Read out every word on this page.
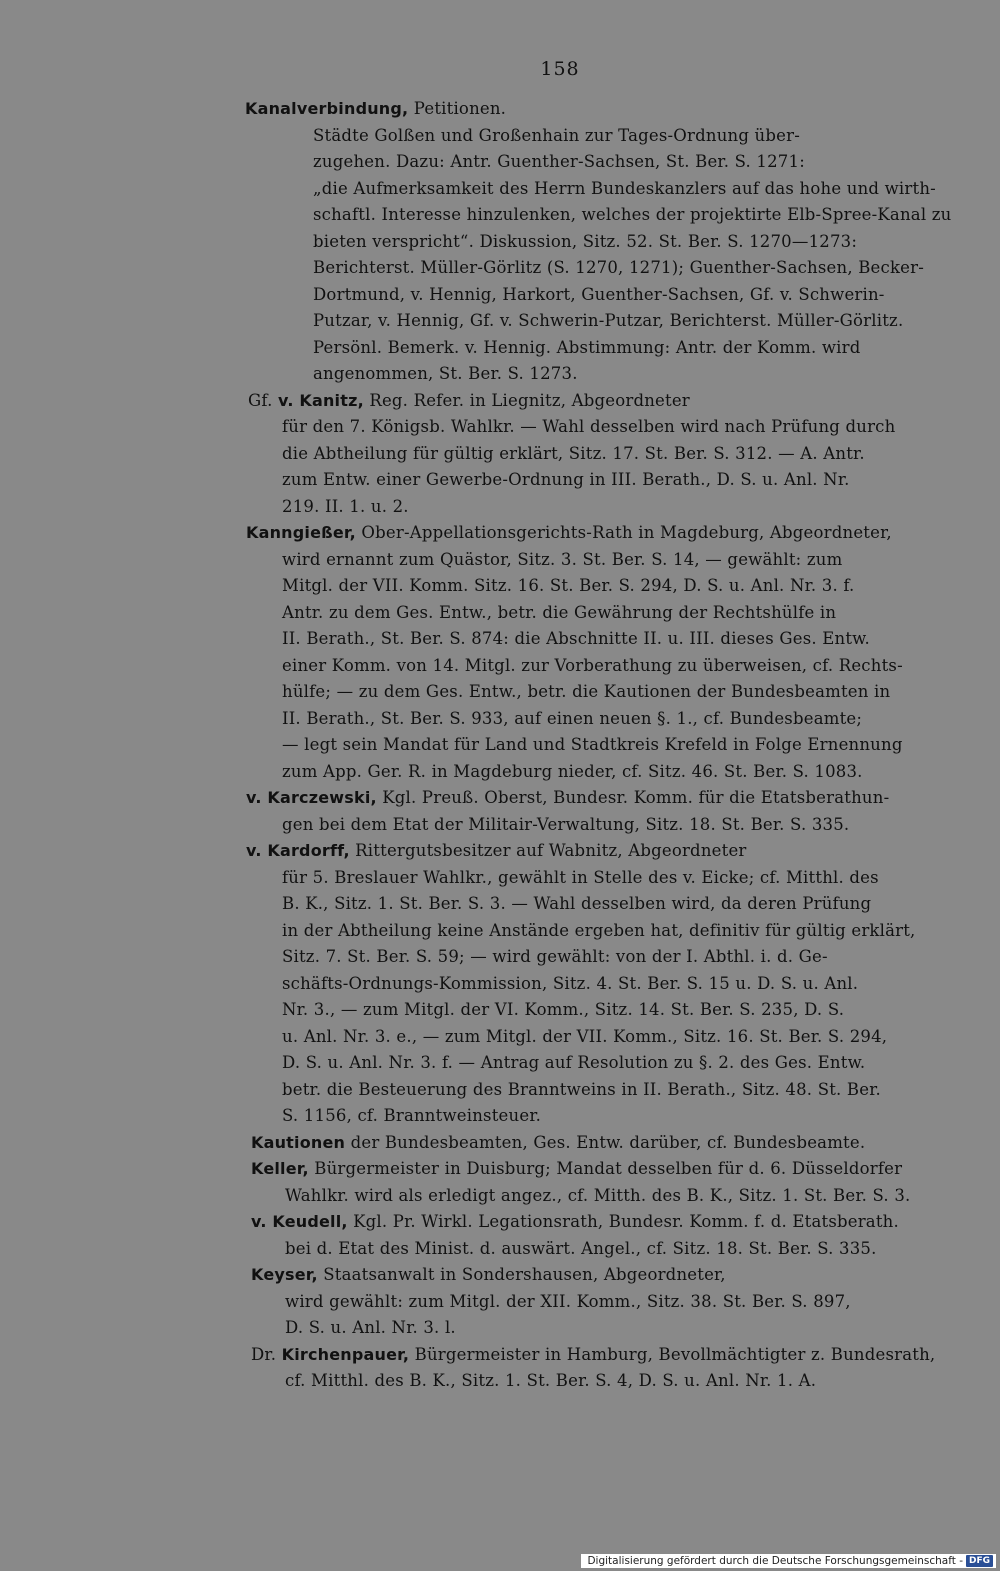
158
Kanalverbindung, Petitionen.
Städte Golßen und Großenhain zur Tages-Ordnung über-
zugehen. Dazu: Antr. Guenther-Sachsen, St. Ber. S. 1271:
„die Aufmerksamkeit des Herrn Bundeskanzlers auf das hohe und wirth-
schaftl. Interesse hinzulenken, welches der projektirte Elb-Spree-Kanal zu
bieten verspricht“. Diskussion, Sitz. 52. St. Ber. S. 1270—1273:
Berichterst. Müller-Görlitz (S. 1270, 1271); Guenther-Sachsen, Becker-
Dortmund, v. Hennig, Harkort, Guenther-Sachsen, Gf. v. Schwerin-
Putzar, v. Hennig, Gf. v. Schwerin-Putzar, Berichterst. Müller-Görlitz.
Persönl. Bemerk. v. Hennig. Abstimmung: Antr. der Komm. wird
angenommen, St. Ber. S. 1273.
Gf. v. Kanitz, Reg. Refer. in Liegnitz, Abgeordneter
für den 7. Königsb. Wahlkr. — Wahl desselben wird nach Prüfung durch
die Abtheilung für gültig erklärt, Sitz. 17. St. Ber. S. 312. — A. Antr.
zum Entw. einer Gewerbe-Ordnung in III. Berath., D. S. u. Anl. Nr.
219. II. 1. u. 2.
Kanngießer, Ober-Appellationsgerichts-Rath in Magdeburg, Abgeordneter,
wird ernannt zum Quästor, Sitz. 3. St. Ber. S. 14, — gewählt: zum
Mitgl. der VII. Komm. Sitz. 16. St. Ber. S. 294, D. S. u. Anl. Nr. 3. f.
Antr. zu dem Ges. Entw., betr. die Gewährung der Rechtshülfe in
II. Berath., St. Ber. S. 874: die Abschnitte II. u. III. dieses Ges. Entw.
einer Komm. von 14. Mitgl. zur Vorberathung zu überweisen, cf. Rechts-
hülfe; — zu dem Ges. Entw., betr. die Kautionen der Bundesbeamten in
II. Berath., St. Ber. S. 933, auf einen neuen §. 1., cf. Bundesbeamte;
— legt sein Mandat für Land und Stadtkreis Krefeld in Folge Ernennung
zum App. Ger. R. in Magdeburg nieder, cf. Sitz. 46. St. Ber. S. 1083.
v. Karczewski, Kgl. Preuß. Oberst, Bundesr. Komm. für die Etatsberathun-
gen bei dem Etat der Militair-Verwaltung, Sitz. 18. St. Ber. S. 335.
v. Kardorff, Rittergutsbesitzer auf Wabnitz, Abgeordneter
für 5. Breslauer Wahlkr., gewählt in Stelle des v. Eicke; cf. Mitthl. des
B. K., Sitz. 1. St. Ber. S. 3. — Wahl desselben wird, da deren Prüfung
in der Abtheilung keine Anstände ergeben hat, definitiv für gültig erklärt,
Sitz. 7. St. Ber. S. 59; — wird gewählt: von der I. Abthl. i. d. Ge-
schäfts-Ordnungs-Kommission, Sitz. 4. St. Ber. S. 15 u. D. S. u. Anl.
Nr. 3., — zum Mitgl. der VI. Komm., Sitz. 14. St. Ber. S. 235, D. S.
u. Anl. Nr. 3. e., — zum Mitgl. der VII. Komm., Sitz. 16. St. Ber. S. 294,
D. S. u. Anl. Nr. 3. f. — Antrag auf Resolution zu §. 2. des Ges. Entw.
betr. die Besteuerung des Branntweins in II. Berath., Sitz. 48. St. Ber.
S. 1156, cf. Branntweinsteuer.
Kautionen der Bundesbeamten, Ges. Entw. darüber, cf. Bundesbeamte.
Keller, Bürgermeister in Duisburg; Mandat desselben für d. 6. Düsseldorfer
Wahlkr. wird als erledigt angez., cf. Mitth. des B. K., Sitz. 1. St. Ber. S. 3.
v. Keudell, Kgl. Pr. Wirkl. Legationsrath, Bundesr. Komm. f. d. Etatsberath.
bei d. Etat des Minist. d. auswärt. Angel., cf. Sitz. 18. St. Ber. S. 335.
Keyser, Staatsanwalt in Sondershausen, Abgeordneter,
wird gewählt: zum Mitgl. der XII. Komm., Sitz. 38. St. Ber. S. 897,
D. S. u. Anl. Nr. 3. l.
Dr. Kirchenpauer, Bürgermeister in Hamburg, Bevollmächtigter z. Bundesrath,
cf. Mitthl. des B. K., Sitz. 1. St. Ber. S. 4, D. S. u. Anl. Nr. 1. A.
Digitalisierung gefördert durch die Deutsche Forschungsgemeinschaft - DFG
